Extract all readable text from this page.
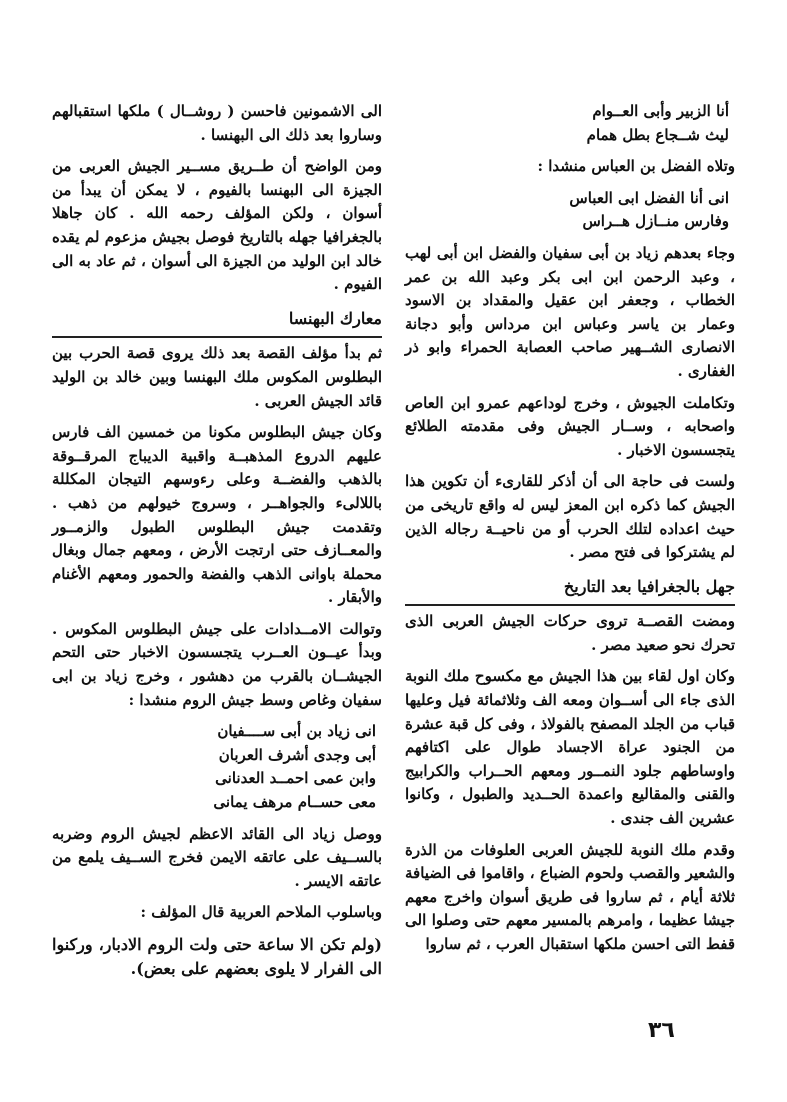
أنا الزبير وأبى العــوام
ليث شــجاع بطل همام
وتلاه الفضل بن العباس منشدا :
انى أنا الفضل ابى العباس
وفارس منــازل هــراس
وجاء بعدهم زياد بن أبى سفيان والفضل ابن أبى لهب ، وعبد الرحمن ابن ابى بكر وعبد الله بن عمر الخطاب ، وجعفر ابن عقيل والمقداد بن الاسود وعمار بن ياسر وعباس ابن مرداس وأبو دجانة الانصارى الشــهير صاحب العصابة الحمراء وابو ذر الغفارى .
وتكاملت الجيوش ، وخرج لوداعهم عمرو ابن العاص واصحابه ، وســار الجيش وفى مقدمته الطلائع يتجسسون الاخبار .
ولست فى حاجة الى أن أذكر للقارىء أن تكوين هذا الجيش كما ذكره ابن المعز ليس له واقع تاريخى من حيث اعداده لتلك الحرب أو من ناحيــة رجاله الذين لم يشتركوا فى فتح مصر .
جهل بالجغرافيا بعد التاريخ
ومضت القصــة تروى حركات الجيش العربى الذى تحرك نحو صعيد مصر .
وكان اول لقاء بين هذا الجيش مع مكسوح ملك النوبة الذى جاء الى أســوان ومعه الف وثلاثمائة فيل وعليها قباب من الجلد المصفح بالفولاذ ، وفى كل قبة عشرة من الجنود عراة الاجساد طوال على اكتافهم واوساطهم جلود النمــور ومعهم الحــراب والكرابيج والقنى والمقاليع واعمدة الحــديد والطبول ، وكانوا عشرين الف جندى .
وقدم ملك النوبة للجيش العربى العلوفات من الذرة والشعير والقصب ولحوم الضباع ، واقاموا فى الضيافة ثلاثة أيام ، ثم ساروا فى طريق أسوان واخرج معهم جيشا عظيما ، وامرهم بالمسير معهم حتى وصلوا الى قفط التى احسن ملكها استقبال العرب ، ثم ساروا
الى الاشمونين فاحسن ( روشــال ) ملكها استقبالهم وساروا بعد ذلك الى البهنسا .
ومن الواضح أن طــريق مســير الجيش العربى من الجيزة الى البهنسا بالفيوم ، لا يمكن أن يبدأ من أسوان ، ولكن المؤلف رحمه الله . كان جاهلا بالجغرافيا جهله بالتاريخ فوصل بجيش مزعوم لم يقده خالد ابن الوليد من الجيزة الى أسوان ، ثم عاد به الى الفيوم .
معارك البهنسا
ثم بدأ مؤلف القصة بعد ذلك يروى قصة الحرب بين البطلوس المكوس ملك البهنسا وبين خالد بن الوليد قائد الجيش العربى .
وكان جيش البطلوس مكونا من خمسين الف فارس عليهم الدروع المذهبــة واقبية الديباج المرقــوقة بالذهب والفضــة وعلى رءوسهم التيجان المكللة باللالىء والجواهــر ، وسروج خيولهم من ذهب . وتقدمت جيش البطلوس الطبول والزمــور والمعــازف حتى ارتجت الأرض ، ومعهم جمال وبغال محملة باوانى الذهب والفضة والحمور ومعهم الأغنام والأبقار .
وتوالت الامــدادات على جيش البطلوس المكوس . وبدأ عيــون العــرب يتجسسون الاخبار حتى التحم الجيشــان بالقرب من دهشور ، وخرج زياد بن ابى سفيان وغاص وسط جيش الروم منشدا :
انى زياد بن أبى ســــفيان
أبى وجدى أشرف العربان
وابن عمى احمــد العدنانى
معى حســام مرهف يمانى
ووصل زياد الى القائد الاعظم لجيش الروم وضربه بالســيف على عاتقه الايمن فخرج الســيف يلمع من عاتقه الايسر .
وباسلوب الملاحم العربية قال المؤلف :
(ولم تكن الا ساعة حتى ولت الروم الادبار، وركنوا الى الفرار لا يلوى بعضهم على بعض).
٣٦
